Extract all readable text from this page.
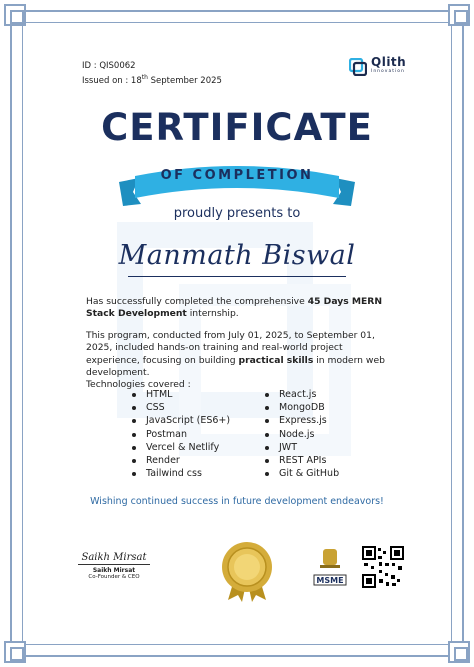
ID : QIS0062
Issued on : 18th September 2025
Qlith
Innovation
CERTIFICATE
OF COMPLETION
proudly presents to
Manmath Biswal
Has successfully completed the comprehensive 45 Days MERN Stack Development internship.
This program, conducted from July 01, 2025, to September 01, 2025, included hands-on training and real-world project experience, focusing on building practical skills in modern web development.
Technologies covered :
HTML
CSS
JavaScript (ES6+)
Postman
Vercel & Netlify
Render
Tailwind css
React.js
MongoDB
Express.js
Node.js
JWT
REST APIs
Git & GitHub
Wishing continued success in future development endeavors!
Saikh Mirsat
Saikh Mirsat
Co-Founder & CEO	MSME
